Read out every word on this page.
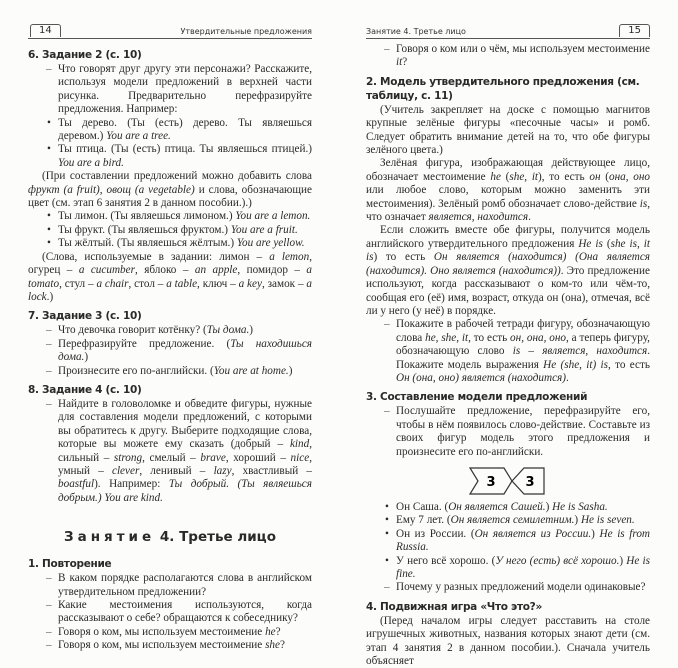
14	Утвердительные предложения
6. Задание 2 (с. 10)
– Что говорят друг другу эти персонажи? Расскажите, используя модели предложений в верхней части рисунка. Предварительно перефразируйте предложения. Например:
• Ты дерево. (Ты (есть) дерево. Ты являешься деревом.) You are a tree.
• Ты птица. (Ты (есть) птица. Ты являешься птицей.) You are a bird.
(При составлении предложений можно добавить слова фрукт (a fruit), овощ (a vegetable) и слова, обозначающие цвет (см. этап 6 занятия 2 в данном пособии.).)
• Ты лимон. (Ты являешься лимоном.) You are a lemon.
• Ты фрукт. (Ты являешься фруктом.) You are a fruit.
• Ты жёлтый. (Ты являешься жёлтым.) You are yellow.
(Слова, используемые в задании: лимон – a lemon, огурец – a cucumber, яблоко – an apple, помидор – a tomato, стул – a chair, стол – a table, ключ – a key, замок – a lock.)
7. Задание 3 (с. 10)
– Что девочка говорит котёнку? (Ты дома.)
– Перефразируйте предложение. (Ты находишься дома.)
– Произнесите его по-английски. (You are at home.)
8. Задание 4 (с. 10)
– Найдите в головоломке и обведите фигуры, нужные для составления модели предложений, с которыми вы обратитесь к другу. Выберите подходящие слова, которые вы можете ему сказать (добрый – kind, сильный – strong, смелый – brave, хороший – nice, умный – clever, ленивый – lazy, хвастливый – boastful). Например: Ты добрый. (Ты являешься добрым.) You are kind.
Занятие 4. Третье лицо
1. Повторение
– В каком порядке располагаются слова в английском утвердительном предложении?
– Какие местоимения используются, когда рассказывают о себе? обращаются к собеседнику?
– Говоря о ком, мы используем местоимение he?
– Говоря о ком, мы используем местоимение she?
Занятие 4. Третье лицо	15
– Говоря о ком или о чём, мы используем местоимение it?
2. Модель утвердительного предложения (см. таблицу, с. 11)
(Учитель закрепляет на доске с помощью магнитов крупные зелёные фигуры «песочные часы» и ромб. Следует обратить внимание детей на то, что обе фигуры зелёного цвета.)
Зелёная фигура, изображающая действующее лицо, обозначает местоимение he (she, it), то есть он (она, оно или любое слово, которым можно заменить эти местоимения). Зелёный ромб обозначает слово-действие is, что означает является, находится.
Если сложить вместе обе фигуры, получится модель английского утвердительного предложения He is (she is, it is) то есть Он является (находится) (Она является (находится). Оно является (находится)). Это предложение используют, когда рассказывают о ком-то или чём-то, сообщая его (её) имя, возраст, откуда он (она), отмечая, всё ли у него (у неё) в порядке.
– Покажите в рабочей тетради фигуру, обозначающую слова he, she, it, то есть он, она, оно, а теперь фигуру, обозначающую слово is – является, находится. Покажите модель выражения He (she, it) is, то есть Он (она, оно) является (находится).
3. Составление модели предложений
– Послушайте предложение, перефразируйте его, чтобы в нём появилось слово-действие. Составьте из своих фигур модель этого предложения и произнесите его по-английски.
3 3
• Он Саша. (Он является Сашей.) He is Sasha.
• Ему 7 лет. (Он является семилетним.) He is seven.
• Он из России. (Он является из России.) He is from Russia.
• У него всё хорошо. (У него (есть) всё хорошо.) He is fine.
– Почему у разных предложений модели одинаковые?
4. Подвижная игра «Что это?»
(Перед началом игры следует расставить на столе игрушечных животных, названия которых знают дети (см. этап 4 занятия 2 в данном пособии.). Сначала учитель объясняет
